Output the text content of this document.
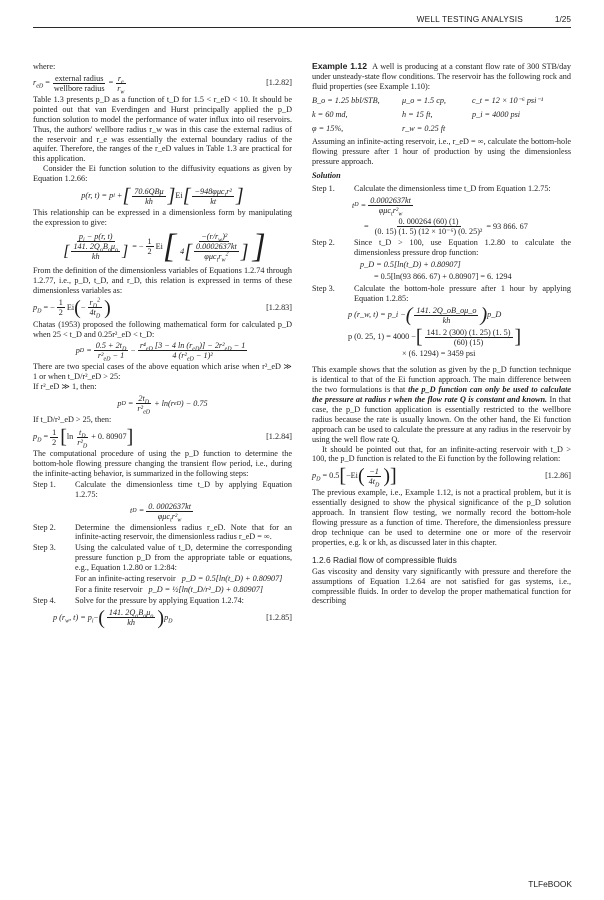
WELL TESTING ANALYSIS	1/25

where:

$r_{eD} = \frac{\text{external radius}}{\text{wellbore radius}} = \frac{r_e}{r_w}$	[1.2.82]

Table 1.3 presents p_D as a function of t_D for 1.5 < r_eD < 10. It should be pointed out that van Everdingen and Hurst principally applied the p_D function solution to model the performance of water influx into oil reservoirs. Thus, the authors' wellbore radius r_w was in this case the external radius of the reservoir and r_e was essentially the external boundary radius of the aquifer. Therefore, the ranges of the r_eD values in Table 1.3 are practical for this application.

Consider the Ei function solution to the diffusivity equations as given by Equation 1.2.66:

p(r, t) = p i
+ [ $\frac{\text{70.6QBμ}}{kh}$ ] Ei [ $\frac{-948\varphi\mu c_tr^2}{kt}$ ]

This relationship can be expressed in a dimensionless form by manipulating the expression to give:

$\frac{p_i - p(r, t)}{[ \frac{141. 2Q_oB_o\mu_o}{kh} ]}$ = − $\frac{1}{2}$ Ei [ $\frac{-(r/r_w)^2}{4[ \frac{0.0002637kt}{\varphi\mu c_tr_w^2} ]}$ ]

From the definition of the dimensionless variables of Equations 1.2.74 through 1.2.77, i.e., p_D, t_D, and r_D, this relation is expressed in terms of these dimensionless variables as:

$p_D$
= − $\frac{1}{2}$ Ei ( − $\frac{r_D^2}{4t_D}$ )	[1.2.83]

Chatas (1953) proposed the following mathematical form for calculated p_D when 25 < t_D and 0.25r²_eD < t_D:

p $D = \frac{0.5 + 2t_D}{r^2_{eD} - 1} - \frac{r^4_{eD} [3 - 4 \ln (r_{eD})] - 2r^2_{eD} - 1}{4 (r^2_{eD} - 1)^2}$

There are two special cases of the above equation which arise when r²_eD ≫ 1 or when t_D/r²_eD > 25:

If r²_eD ≫ 1, then:

p $D = \frac{2t_D}{r^2_{eD}} + \ln(r$ eD ) − 0.75

If t_D/r²_eD > 25, then:

$p_D = \frac{1}{2}$ [ $\ln \frac{t_D}{r^2_D} + 0$. 80907 ]	[1.2.84]

The computational procedure of using the p_D function to determine the bottom-hole flowing pressure changing the transient flow period, i.e., during the infinite-acting behavior, is summarized in the following steps:

Step 1.	Calculate the dimensionless time t_D by applying Equation 1.2.75:
t $D = \frac{0. 0002637kt}{\varphi\mu c_tr^2_w}$
Step 2.	Determine the dimensionless radius r_eD. Note that for an infinite-acting reservoir, the dimensionless radius r_eD = ∞.
Step 3.	Using the calculated value of t_D, determine the corresponding pressure function p_D from the appropriate table or equations, e.g., Equation 1.2.80 or 1.2:84:
For an infinite-acting reservoir p_D = 0.5[ln(t_D) + 0.80907]
For a finite reservoir p_D = ½[ln(t_D/r²_D) + 0.80907]
Step 4.	Solve for the pressure by applying Equation 1.2.74:
p ($r_w$, $t) = p_i$ − ( $\frac{141. 2Q_oB_o\mu_o}{kh}$ ) $p_D$	[1.2.85]

Example 1.12 A well is producing at a constant flow rate of 300 STB/day under unsteady-state flow conditions. The reservoir has the following rock and fluid properties (see Example 1.10):

B_o = 1.25 bbl/STB,	μ_o = 1.5 cp,	c_t = 12 × 10⁻⁶ psi⁻¹
k = 60 md,	h = 15 ft,	p_i = 4000 psi
φ = 15%,	r_w = 0.25 ft

Assuming an infinite-acting reservoir, i.e., r_eD = ∞, calculate the bottom-hole flowing pressure after 1 hour of production by using the dimensionless pressure approach.

Solution

Step 1.	Calculate the dimensionless time t_D from Equation 1.2.75:
t $D = \frac{0.0002637kt}{\varphi\mu c_tr^2_w}$
= $\frac{0. 000264 (60) (1)}{\text{(0. 15) (1. 5) (12 × 10⁻⁶) (0. 25)²}} = 93$ 866. 67
Step 2.	Since t_D > 100, use Equation 1.2.80 to calculate the dimensionless pressure drop function:
p_D = 0.5[ln(t_D) + 0.80907]
= 0.5[ln(93 866. 67) + 0.80907] = 6. 1294
Step 3.	Calculate the bottom-hole pressure after 1 hour by applying Equation 1.2.85:
p (r_w, t) = p_i − ( $\frac{141. 2Q\_oB\_o\mu\_o}{kh}$ ) p_D
p (0. 25, 1) = 4000 − [ $\frac{141. 2 (300) (1. 25) (1. 5)}{(60) (15)}$ ]
× (6. 1294) = 3459 psi

This example shows that the solution as given by the p_D function technique is identical to that of the Ei function approach. The main difference between the two formulations is that the p_D function can only be used to calculate the pressure at radius r when the flow rate Q is constant and known. In that case, the p_D function application is essentially restricted to the wellbore radius because the rate is usually known. On the other hand, the Ei function approach can be used to calculate the pressure at any radius in the reservoir by using the well flow rate Q.

It should be pointed out that, for an infinite-acting reservoir with t_D > 100, the p_D function is related to the Ei function by the following relation:

$p_D$
= 0.5 [ −Ei ( $\frac{-1}{4t_D}$ ) ]	[1.2.86]

The previous example, i.e., Example 1.12, is not a practical problem, but it is essentially designed to show the physical significance of the p_D solution approach. In transient flow testing, we normally record the bottom-hole flowing pressure as a function of time. Therefore, the dimensionless pressure drop technique can be used to determine one or more of the reservoir properties, e.g. k or kh, as discussed later in this chapter.

1.2.6 Radial flow of compressible fluids

Gas viscosity and density vary significantly with pressure and therefore the assumptions of Equation 1.2.64 are not satisfied for gas systems, i.e., compressible fluids. In order to develop the proper mathematical function for describing

TLFeBOOK
